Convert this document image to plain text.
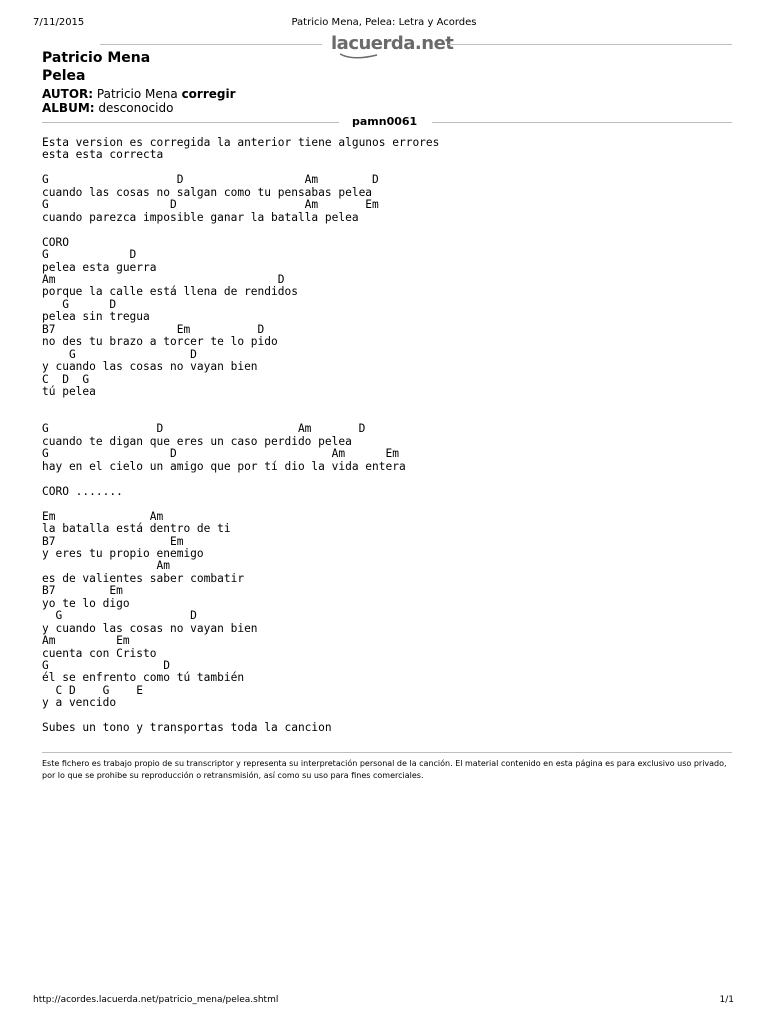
7/11/2015	Patricio Mena, Pelea: Letra y Acordes
lacuerda.net
Patricio Mena
Pelea
AUTOR: Patricio Mena corregir
ALBUM: desconocido
pamn0061
Esta version es corregida la anterior tiene algunos errores
esta esta correcta

G                   D                  Am        D
cuando las cosas no salgan como tu pensabas pelea
G                  D                   Am       Em
cuando parezca imposible ganar la batalla pelea

CORO
G            D
pelea esta guerra
Am                                 D
porque la calle está llena de rendidos
G      D
pelea sin tregua
B7                  Em          D
no des tu brazo a torcer te lo pido
G                 D
y cuando las cosas no vayan bien
C  D  G
tú pelea

G                D                    Am       D
cuando te digan que eres un caso perdido pelea
G                  D                       Am      Em
hay en el cielo un amigo que por tí dio la vida entera

CORO .......

Em              Am
la batalla está dentro de ti
B7                 Em
y eres tu propio enemigo
Am
es de valientes saber combatir
B7        Em
yo te lo digo
G                   D
y cuando las cosas no vayan bien
Am         Em
cuenta con Cristo
G                 D
él se enfrento como tú también
C D    G    E
y a vencido

Subes un tono y transportas toda la cancion
Este fichero es trabajo propio de su transcriptor y representa su interpretación personal de la canción. El material contenido en esta página es para exclusivo uso privado, por lo que se prohibe su reproducción o retransmisión, así como su uso para fines comerciales.
http://acordes.lacuerda.net/patricio_mena/pelea.shtml	1/1
